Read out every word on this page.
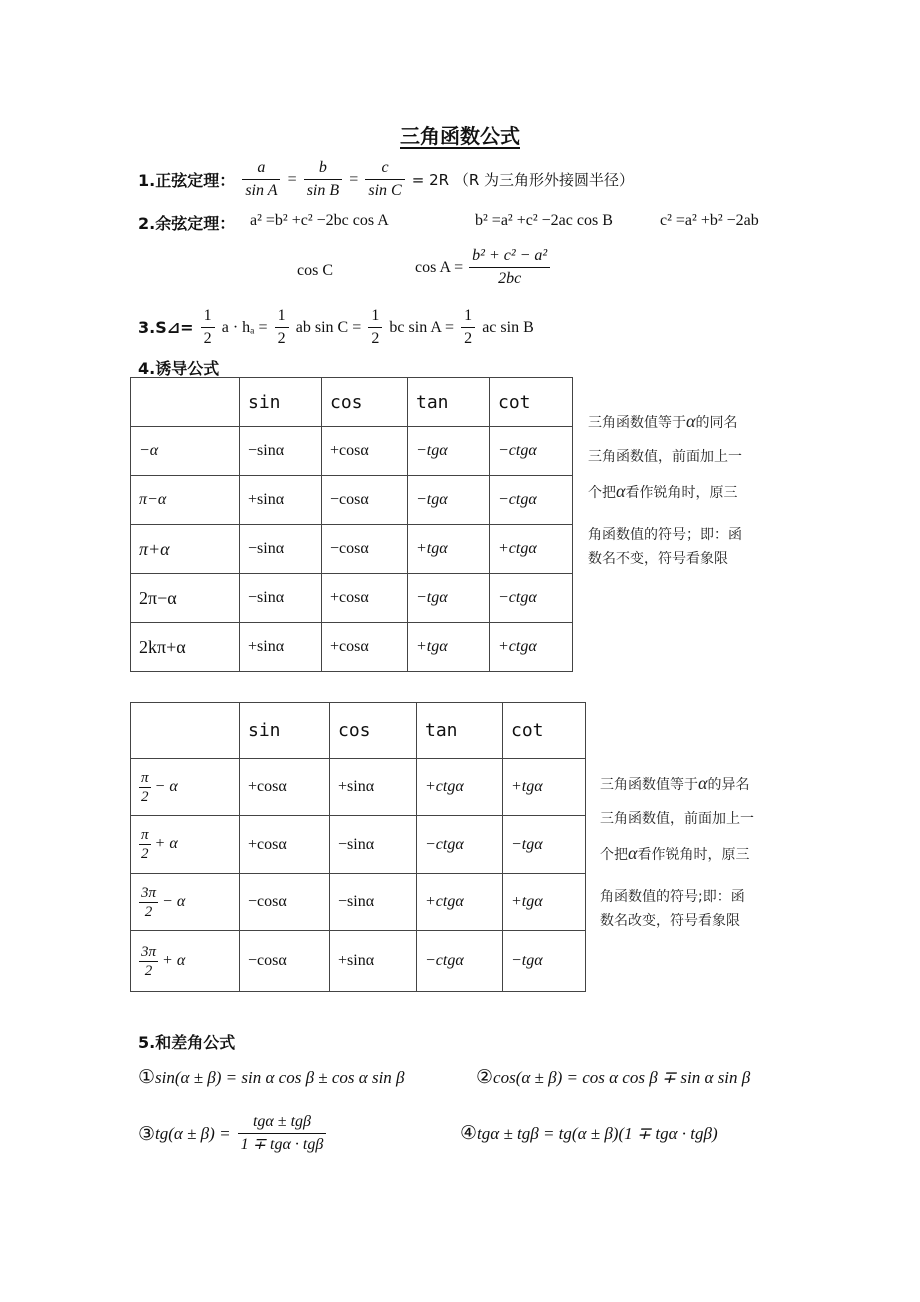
三角函数公式
1.正弦定理： $\frac{a}{\text{sin A}} = \frac{b}{\text{sin B}} = \frac{c}{\text{sin C}} = 2R$ （R 为三角形外接圆半径）
2.余弦定理： a² =b² +c² −2bc cos A	b² =a² +c² −2ac cos B	c² =a² +b² −2ab
cos C	$\cos A = \frac{\text{b² + c² − a²}}{2bc}$
3.S⊿= $\frac{1}{2}$ $a \cdot h_a = \frac{1}{2}$ ab $\sin C = \frac{1}{2}$ bc $\sin A = \frac{1}{2}$ ac sin B
4.诱导公式
	sin	cos	tan	cot
−α	−sinα	+cosα	−tgα	−ctgα
π−α	+sinα	−cosα	−tgα	−ctgα
π+α	−sinα	−cosα	+tgα	+ctgα
2π−α	−sinα	+cosα	−tgα	−ctgα
2kπ+α	+sinα	+cosα	+tgα	+ctgα
三角函数值等于α的同名
三角函数值，前面加上一
个把α看作锐角时，原三
角函数值的符号；即：函
数名不变，符号看象限
	sin	cos	tan	cot

$\frac{\pi}{2} - \alpha$	+cosα	+sinα	+ctgα	+tgα

$\frac{\pi}{2} + \alpha$	+cosα	−sinα	−ctgα	−tgα

$\frac{3\pi}{2} - \alpha$	−cosα	−sinα	+ctgα	+tgα

$\frac{3\pi}{2} + \alpha$	−cosα	+sinα	−ctgα	−tgα
三角函数值等于α的异名
三角函数值，前面加上一
个把α看作锐角时，原三
角函数值的符号;即：函
数名改变，符号看象限
5.和差角公式
①sin(α ± β) = sin α cos β ± cos α sin β	②cos(α ± β) = cos α cos β ∓ sin α sin β
③tg(α ± $\beta) = \frac{\text{tgα ± tgβ}}{\text{1 ∓ tgα · tgβ}}$	④tgα ± tgβ = tg(α ± β)(1 ∓ tgα · tgβ)
